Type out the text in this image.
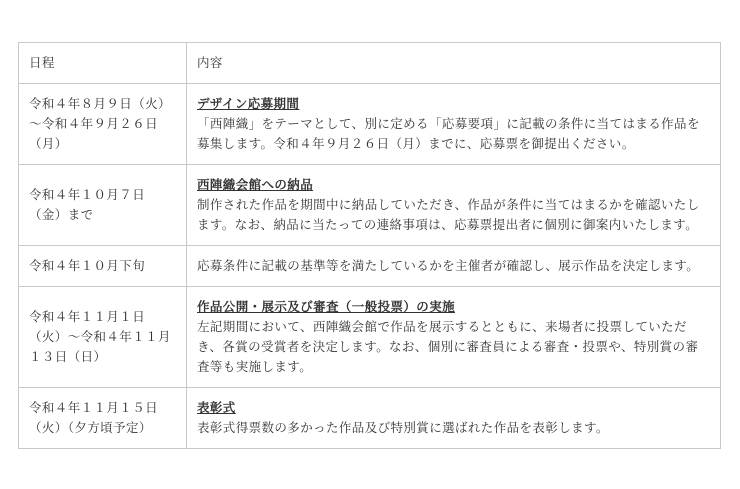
日程	内容

令和４年８月９日（火）～令和４年９月２６日（月）	デザイン応募期間
「西陣織」をテーマとして、別に定める「応募要項」に記載の条件に当てはまる作品を募集します。令和４年９月２６日（月）までに、応募票を御提出ください。

令和４年１０月７日（金）まで	西陣織会館への納品
制作された作品を期間中に納品していただき、作品が条件に当てはまるかを確認いたします。なお、納品に当たっての連絡事項は、応募票提出者に個別に御案内いたします。

令和４年１０月下旬	応募条件に記載の基準等を満たしているかを主催者が確認し、展示作品を決定します。

令和４年１１月１日（火）～令和４年１１月１３日（日）	作品公開・展示及び審査（一般投票）の実施
左記期間において、西陣織会館で作品を展示するとともに、来場者に投票していただき、各賞の受賞者を決定します。なお、個別に審査員による審査・投票や、特別賞の審査等も実施します。

令和４年１１月１５日（火）（夕方頃予定）	表彰式
表彰式得票数の多かった作品及び特別賞に選ばれた作品を表彰します。
